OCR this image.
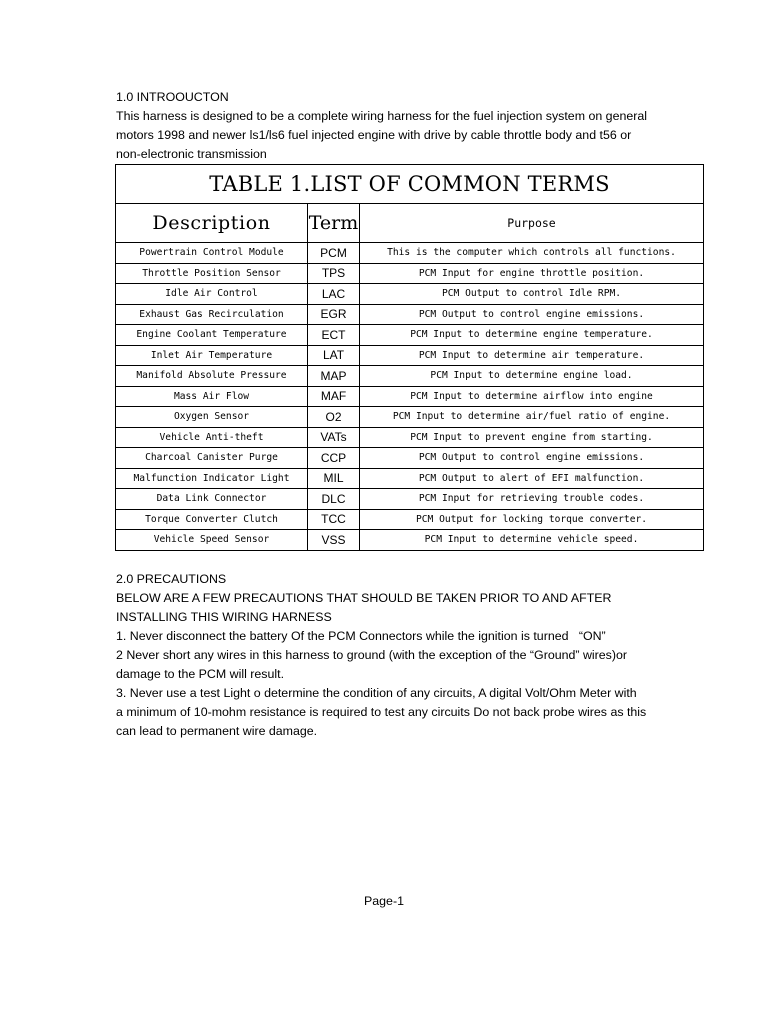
1.0 INTROOUCTON

This harness is designed to be a complete wiring harness for the fuel injection system on general

motors 1998 and newer ls1/ls6 fuel injected engine with drive by cable throttle body and t56 or

non-electronic transmission

TABLE 1.LIST OF COMMON TERMS		
Description	Term	Purpose
Powertrain Control Module	PCM	This is the computer which controls all functions.
Throttle Position Sensor	TPS	PCM Input for engine throttle position.
Idle Air Control	LAC	PCM Output to control Idle RPM.
Exhaust Gas Recirculation	EGR	PCM Output to control engine emissions.
Engine Coolant Temperature	ECT	PCM Input to determine engine temperature.
Inlet Air Temperature	LAT	PCM Input to determine air temperature.
Manifold Absolute Pressure	MAP	PCM Input to determine engine load.
Mass Air Flow	MAF	PCM Input to determine airflow into engine
Oxygen Sensor	O2	PCM Input to determine air/fuel ratio of engine.
Vehicle Anti-theft	VATs	PCM Input to prevent engine from starting.
Charcoal Canister Purge	CCP	PCM Output to control engine emissions.
Malfunction Indicator Light	MIL	PCM Output to alert of EFI malfunction.
Data Link Connector	DLC	PCM Input for retrieving trouble codes.
Torque Converter Clutch	TCC	PCM Output for locking torque converter.
Vehicle Speed Sensor	VSS	PCM Input to determine vehicle speed.

2.0 PRECAUTIONS

BELOW ARE A FEW PRECAUTIONS THAT SHOULD BE TAKEN PRIOR TO AND AFTER

INSTALLING THIS WIRING HARNESS

1. Never disconnect the battery Of the PCM Connectors while the ignition is turned   “ON”

2 Never short any wires in this harness to ground (with the exception of the “Ground” wires)or

damage to the PCM will result.

3. Never use a test Light o determine the condition of any circuits, A digital Volt/Ohm Meter with

a minimum of 10-mohm resistance is required to test any circuits Do not back probe wires as this

can lead to permanent wire damage.

Page-1
